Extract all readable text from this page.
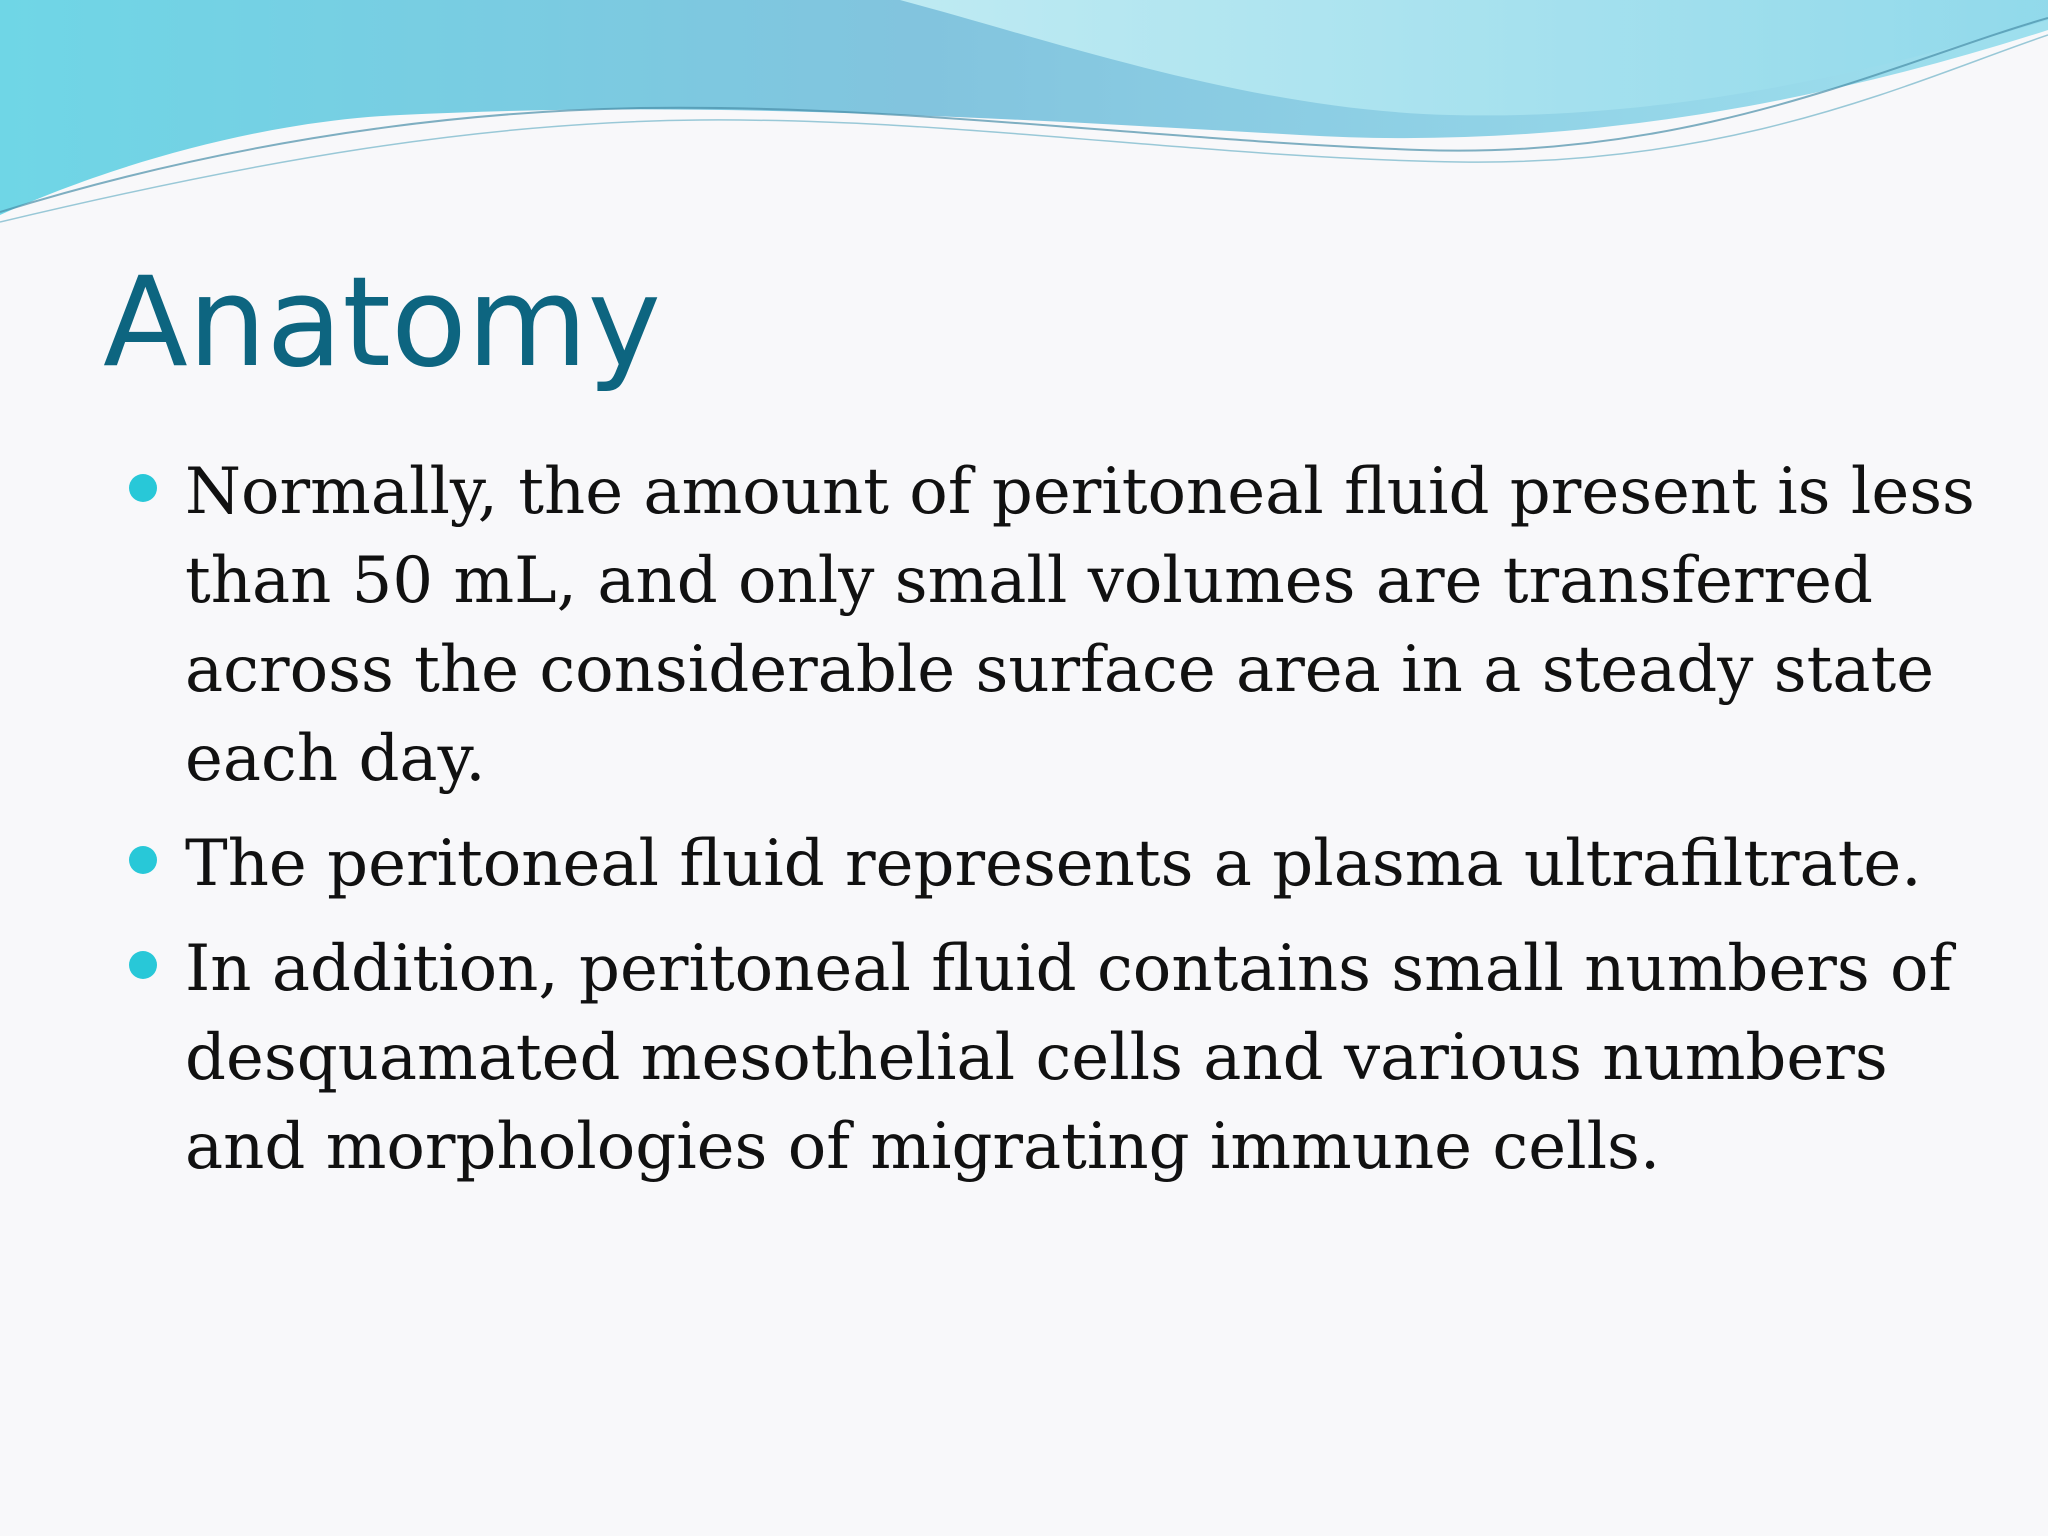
Anatomy
Normally, the amount of peritoneal fluid present is less than 50 mL, and only small volumes are transferred across the considerable surface area in a steady state each day.
The peritoneal fluid represents a plasma ultrafiltrate.
In addition, peritoneal fluid contains small numbers of desquamated mesothelial cells and various numbers and morphologies of migrating immune cells.
